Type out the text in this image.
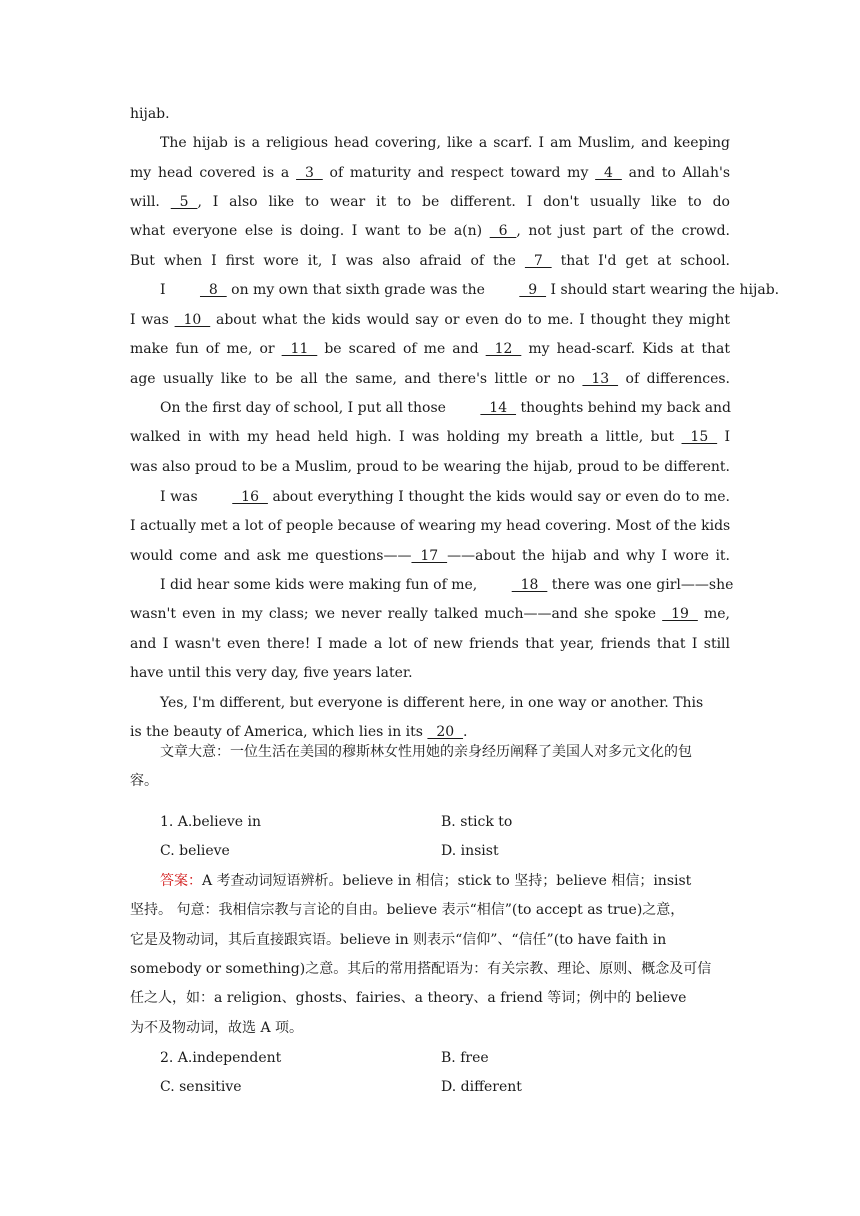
hijab.
The hijab is a religious head covering, like a scarf. I am Muslim, and keeping
my head covered is a   3   of maturity and respect toward my   4   and to Allah's
will.   5  , I also like to wear it to be different. I don't usually like to do
what everyone else is doing. I want to be a(n)   6  , not just part of the crowd.
But when I first wore it, I was also afraid of the   7   that I'd get at school.
I   8   on my own that sixth grade was the   9   I should start wearing the hijab.
I was   10   about what the kids would say or even do to me. I thought they might
make fun of me, or   11   be scared of me and   12   my head-scarf. Kids at that
age usually like to be all the same, and there's little or no   13   of differences.
On the first day of school, I put all those   14   thoughts behind my back and
walked in with my head held high. I was holding my breath a little, but   15   I
was also proud to be a Muslim, proud to be wearing the hijab, proud to be different.
I was   16   about everything I thought the kids would say or even do to me.
I actually met a lot of people because of wearing my head covering. Most of the kids
would come and ask me questions——  17  ——about the hijab and why I wore it.
I did hear some kids were making fun of me,   18   there was one girl——she
wasn't even in my class; we never really talked much——and she spoke   19   me,
and I wasn't even there! I made a lot of new friends that year, friends that I still
have until this very day, five years later.
Yes, I'm different, but everyone is different here, in one way or another. This
is the beauty of America, which lies in its   20  .
文章大意：一位生活在美国的穆斯林女性用她的亲身经历阐释了美国人对多元文化的包
容。
1. A.believe in	B. stick to
C. believe	D. insist
答案：A 考查动词短语辨析。believe in 相信；stick to 坚持；believe 相信；insist
坚持。 句意：我相信宗教与言论的自由。believe 表示“相信”(to accept as true)之意，
它是及物动词，其后直接跟宾语。believe in 则表示“信仰”、“信任”(to have faith in
somebody or something)之意。其后的常用搭配语为：有关宗教、理论、原则、概念及可信
任之人，如：a religion、ghosts、fairies、a theory、a friend 等词；例中的 believe
为不及物动词，故选 A 项。
2. A.independent	B. free
C. sensitive	D. different
